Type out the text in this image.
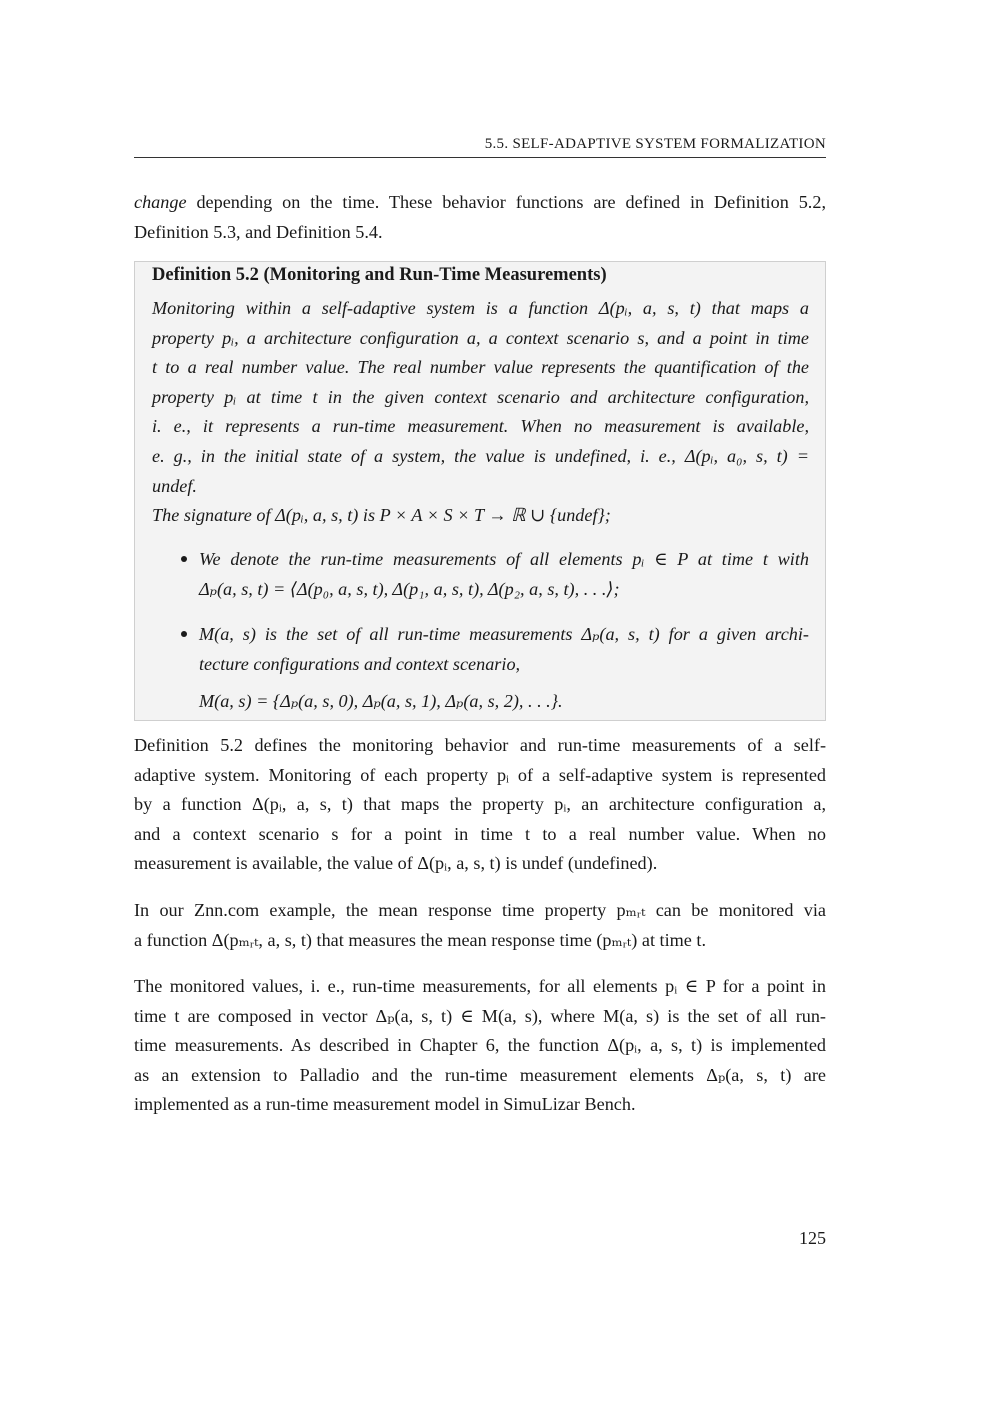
5.5. SELF-ADAPTIVE SYSTEM FORMALIZATION

change depending on the time. These behavior functions are defined in Definition 5.2,
Definition 5.3, and Definition 5.4.

Definition 5.2 (Monitoring and Run-Time Measurements)

Monitoring within a self-adaptive system is a function Δ(pᵢ, a, s, t) that maps a
property pᵢ, a architecture configuration a, a context scenario s, and a point in time
t to a real number value. The real number value represents the quantification of the
property pᵢ at time t in the given context scenario and architecture configuration,
i. e., it represents a run-time measurement. When no measurement is available,
e. g., in the initial state of a system, the value is undefined, i. e., Δ(pᵢ, a₀, s, t) =
undef.
The signature of Δ(pᵢ, a, s, t) is P × A × S × T → ℝ ∪ {undef};

We denote the run-time measurements of all elements pᵢ ∈ P at time t with
Δₚ(a, s, t) = ⟨Δ(p₀, a, s, t), Δ(p₁, a, s, t), Δ(p₂, a, s, t), . . .⟩;

M(a, s) is the set of all run-time measurements Δₚ(a, s, t) for a given archi-
tecture configurations and context scenario,
M(a, s) = {Δₚ(a, s, 0), Δₚ(a, s, 1), Δₚ(a, s, 2), . . .}.

Definition 5.2 defines the monitoring behavior and run-time measurements of a self-
adaptive system. Monitoring of each property pᵢ of a self-adaptive system is represented
by a function Δ(pᵢ, a, s, t) that maps the property pᵢ, an architecture configuration a,
and a context scenario s for a point in time t to a real number value. When no
measurement is available, the value of Δ(pᵢ, a, s, t) is undef (undefined).

In our Znn.com example, the mean response time property pₘᵣₜ can be monitored via
a function Δ(pₘᵣₜ, a, s, t) that measures the mean response time (pₘᵣₜ) at time t.

The monitored values, i. e., run-time measurements, for all elements pᵢ ∈ P for a point in
time t are composed in vector Δₚ(a, s, t) ∈ M(a, s), where M(a, s) is the set of all run-
time measurements. As described in Chapter 6, the function Δ(pᵢ, a, s, t) is implemented
as an extension to Palladio and the run-time measurement elements Δₚ(a, s, t) are
implemented as a run-time measurement model in SimuLizar Bench.

125
